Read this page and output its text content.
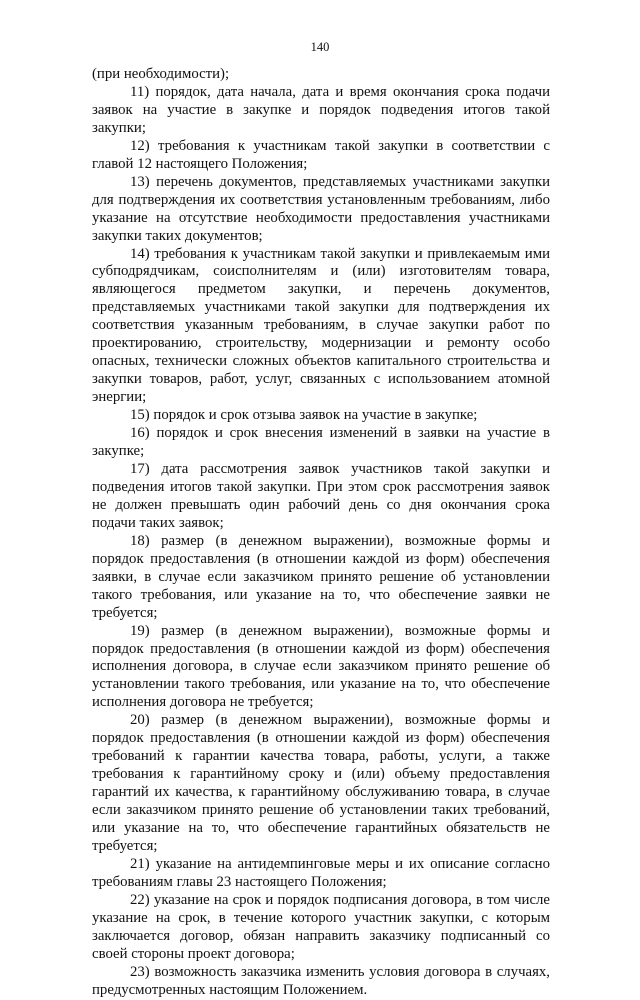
140

(при необходимости);

11) порядок, дата начала, дата и время окончания срока подачи заявок на участие в закупке и порядок подведения итогов такой закупки;

12) требования к участникам такой закупки в соответствии с главой 12 настоящего Положения;

13) перечень документов, представляемых участниками закупки для подтверждения их соответствия установленным требованиям, либо указание на отсутствие необходимости предоставления участниками закупки таких документов;

14) требования к участникам такой закупки и привлекаемым ими субподрядчикам, соисполнителям и (или) изготовителям товара, являющегося предметом закупки, и перечень документов, представляемых участниками такой закупки для подтверждения их соответствия указанным требованиям, в случае закупки работ по проектированию, строительству, модернизации и ремонту особо опасных, технически сложных объектов капитального строительства и закупки товаров, работ, услуг, связанных с использованием атомной энергии;

15) порядок и срок отзыва заявок на участие в закупке;

16) порядок и срок внесения изменений в заявки на участие в закупке;

17) дата рассмотрения заявок участников такой закупки и подведения итогов такой закупки. При этом срок рассмотрения заявок не должен превышать один рабочий день со дня окончания срока подачи таких заявок;

18) размер (в денежном выражении), возможные формы и порядок предоставления (в отношении каждой из форм) обеспечения заявки, в случае если заказчиком принято решение об установлении такого требования, или указание на то, что обеспечение заявки не требуется;

19) размер (в денежном выражении), возможные формы и порядок предоставления (в отношении каждой из форм) обеспечения исполнения договора, в случае если заказчиком принято решение об установлении такого требования, или указание на то, что обеспечение исполнения договора не требуется;

20) размер (в денежном выражении), возможные формы и порядок предоставления (в отношении каждой из форм) обеспечения требований к гарантии качества товара, работы, услуги, а также требования к гарантийному сроку и (или) объему предоставления гарантий их качества, к гарантийному обслуживанию товара, в случае если заказчиком принято решение об установлении таких требований, или указание на то, что обеспечение гарантийных обязательств не требуется;

21) указание на антидемпинговые меры и их описание согласно требованиям главы 23 настоящего Положения;

22) указание на срок и порядок подписания договора, в том числе указание на срок, в течение которого участник закупки, с которым заключается договор, обязан направить заказчику подписанный со своей стороны проект договора;

23) возможность заказчика изменить условия договора в случаях, предусмотренных настоящим Положением.
